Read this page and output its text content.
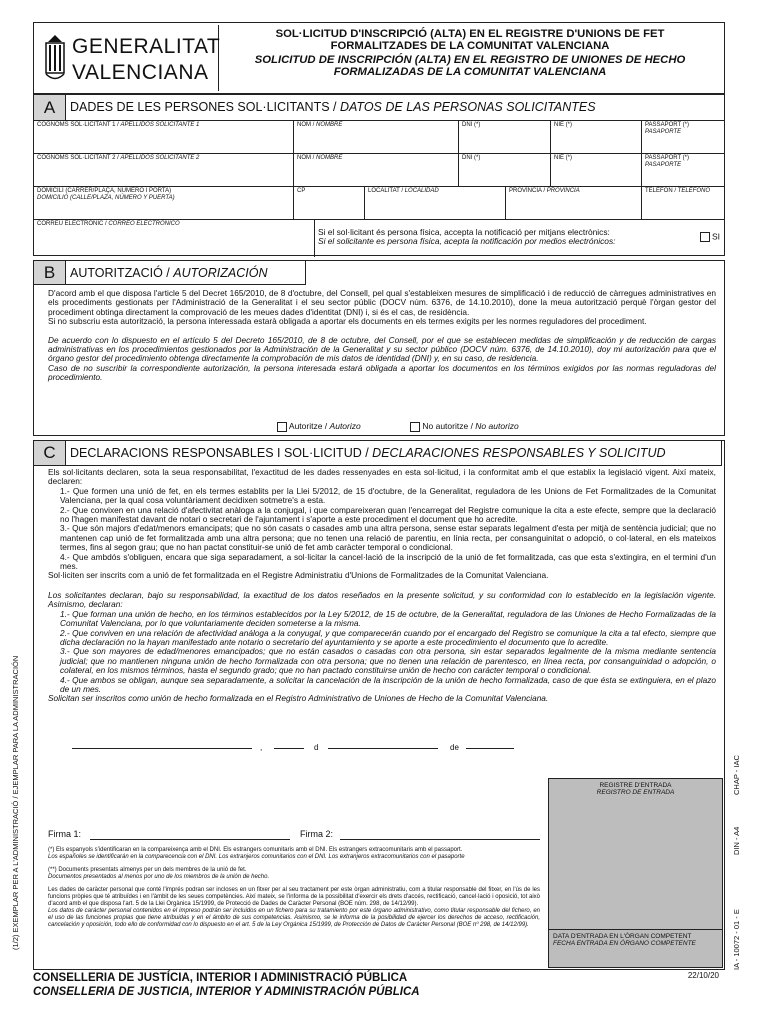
GENERALITAT
VALENCIANA
SOL·LICITUD D'INSCRIPCIÓ (ALTA) EN EL REGISTRE D'UNIONS DE FET
FORMALITZADES DE LA COMUNITAT VALENCIANA
SOLICITUD DE INSCRIPCIÓN (ALTA) EN EL REGISTRO DE UNIONES DE HECHO
FORMALIZADAS DE LA COMUNITAT VALENCIANA
A	DADES DE LES PERSONES SOL·LICITANTS / DATOS DE LAS PERSONAS SOLICITANTES
COGNOMS SOL·LICITANT 1 / APELLIDOS SOLICITANTE 1	NOM / NOMBRE	DNI (*)	NIE (*)	PASSAPORT (*)
PASAPORTE
COGNOMS SOL·LICITANT 2 / APELLIDOS SOLICITANTE 2	NOM / NOMBRE	DNI (*)	NIE (*)	PASSAPORT (*)
PASAPORTE
DOMICILI (CARRER/PLAÇA, NÚMERO I PORTA)
DOMICILIO (CALLE/PLAZA, NÚMERO Y PUERTA)
CP	LOCALITAT / LOCALIDAD	PROVÍNCIA / PROVINCIA	TELÈFON / TELÉFONO
CORREU ELECTRÒNIC / CORREO ELECTRÓNICO
Si el sol·licitant és persona física, accepta la notificació per mitjans electrònics:
Si el solicitante es persona física, acepta la notificación por medios electrónicos:	SI
B	AUTORITZACIÓ / AUTORIZACIÓN
D'acord amb el que disposa l'article 5 del Decret 165/2010, de 8 d'octubre, del Consell, pel qual s'estableixen mesures de simplificació i de reducció de càrregues administratives en els procediments gestionats per l'Administració de la Generalitat i el seu sector públic (DOCV núm. 6376, de 14.10.2010), done la meua autorització perquè l'òrgan gestor del procediment obtinga directament la comprovació de les meues dades d'identitat (DNI) i, si és el cas, de residència.
Si no subscriu esta autorització, la persona interessada estarà obligada a aportar els documents en els termes exigits per les normes reguladores del procediment.
De acuerdo con lo dispuesto en el artículo 5 del Decreto 165/2010, de 8 de octubre, del Consell, por el que se establecen medidas de simplificación y de reducción de cargas administrativas en los procedimientos gestionados por la Administración de la Generalitat y su sector público (DOCV núm. 6376, de 14.10.2010), doy mi autorización para que el órgano gestor del procedimiento obtenga directamente la comprobación de mis datos de identidad (DNI) y, en su caso, de residencia.
Caso de no suscribir la correspondiente autorización, la persona interesada estará obligada a aportar los documentos en los términos exigidos por las normas reguladoras del procedimiento.
Autoritze / Autorizo	No autoritze / No autorizo
C	DECLARACIONS RESPONSABLES I SOL·LICITUD / DECLARACIONES RESPONSABLES Y SOLICITUD
Els sol·licitants declaren, sota la seua responsabilitat, l'exactitud de les dades ressenyades en esta sol·licitud, i la conformitat amb el que establix la legislació vigent. Així mateix, declaren:
1.- Que formen una unió de fet, en els termes establits per la Llei 5/2012, de 15 d'octubre, de la Generalitat, reguladora de les Unions de Fet Formalitzades de la Comunitat Valenciana, per la qual cosa voluntàriament decidixen sotmetre's a esta.
2.- Que convixen en una relació d'afectivitat anàloga a la conjugal, i que compareixeran quan l'encarregat del Registre comunique la cita a este efecte, sempre que la declaració no l'hagen manifestat davant de notari o secretari de l'ajuntament i s'aporte a este procediment el document que ho acredite.
3.- Que són majors d'edat/menors emancipats; que no són casats o casades amb una altra persona, sense estar separats legalment d'esta per mitjà de sentència judicial; que no mantenen cap unió de fet formalitzada amb una altra persona; que no tenen una relació de parentiu, en línia recta, per consanguinitat o adopció, o col·lateral, en els mateixos termes, fins al segon grau; que no han pactat constituir-se unió de fet amb caràcter temporal o condicional.
4.- Que ambdós s'obliguen, encara que siga separadament, a sol·licitar la cancel·lació de la inscripció de la unió de fet formalitzada, cas que esta s'extingira, en el termini d'un mes.
Sol·liciten ser inscrits com a unió de fet formalitzada en el Registre Administratiu d'Unions de Formalitzades de la Comunitat Valenciana.
Los solicitantes declaran, bajo su responsabilidad, la exactitud de los datos reseñados en la presente solicitud, y su conformidad con lo establecido en la legislación vigente. Asimismo, declaran:
1.- Que forman una unión de hecho, en los términos establecidos por la Ley 5/2012, de 15 de octubre, de la Generalitat, reguladora de las Uniones de Hecho Formalizadas de la Comunitat Valenciana, por lo que voluntariamente deciden someterse a la misma.
2.- Que conviven en una relación de afectividad análoga a la conyugal, y que comparecerán cuando por el encargado del Registro se comunique la cita a tal efecto, siempre que dicha declaración no la hayan manifestado ante notario o secretario del ayuntamiento y se aporte a este procedimiento el documento que lo acredite.
3.- Que son mayores de edad/menores emancipados; que no están casados o casadas con otra persona, sin estar separados legalmente de la misma mediante sentencia judicial; que no mantienen ninguna unión de hecho formalizada con otra persona; que no tienen una relación de parentesco, en línea recta, por consanguinidad o adopción, o colateral, en los mismos términos, hasta el segundo grado; que no han pactado constituirse unión de hecho con carácter temporal o condicional.
4.- Que ambos se obligan, aunque sea separadamente, a solicitar la cancelación de la inscripción de la unión de hecho formalizada, caso de que ésta se extinguiera, en el plazo de un mes.
Solicitan ser inscritos como unión de hecho formalizada en el Registro Administrativo de Uniones de Hecho de la Comunitat Valenciana.
,	d	de
REGISTRE D'ENTRADA
REGISTRO DE ENTRADA
DATA D'ENTRADA EN L'ÒRGAN COMPETENT
FECHA ENTRADA EN ÓRGANO COMPETENTE
Firma 1:	Firma 2:
(*) Els espanyols s'identificaran en la compareixença amb el DNI. Els estrangers comunitaris amb el DNI. Els estrangers extracomunitaris amb el passaport.
Los españoles se identificarán en la comparecencia con el DNI. Los extranjeros comunitarios con el DNI. Los extranjeros extracomunitarios con el pasaporte
(**) Documents presentats almenys per un dels membres de la unió de fet.
Documentos presentados al menos por uno de los miembros de la unión de hecho.
Les dades de caràcter personal que conté l'imprés podran ser incloses en un fitxer per al seu tractament per este òrgan administratiu, com a titular responsable del fitxer, en l'ús de les funcions pròpies que té atribuïdes i en l'àmbit de les seues competències. Així mateix, se l'informa de la possibilitat d'exercir els drets d'accés, rectificació, cancel·lació i oposició, tot això d'acord amb el que disposa l'art. 5 de la Llei Orgànica 15/1999, de Protecció de Dades de Caràcter Personal (BOE núm. 298, de 14/12/99).
Los datos de carácter personal contenidos en el impreso podrán ser incluidos en un fichero para su tratamiento por este órgano administrativo, como titular responsable del fichero, en el uso de las funciones propias que tiene atribuidas y en el ámbito de sus competencias. Asimismo, se le informa de la posibilidad de ejercer los derechos de acceso, rectificación, cancelación y oposición, todo ello de conformidad con lo dispuesto en el art. 5 de la Ley Orgánica 15/1999, de Protección de Datos de Carácter Personal (BOE nº 298, de 14/12/99).
(1/2) EXEMPLAR PER A L'ADMINISTRACIÓ / EJEMPLAR PARA LA ADMINISTRACIÓN	CHAP - IAC
DIN - A4
IA - 10072 - 01 - E
CONSELLERIA DE JUSTÍCIA, INTERIOR I ADMINISTRACIÓ PÚBLICA
CONSELLERIA DE JUSTICIA, INTERIOR Y ADMINISTRACIÓN PÚBLICA
22/10/20
